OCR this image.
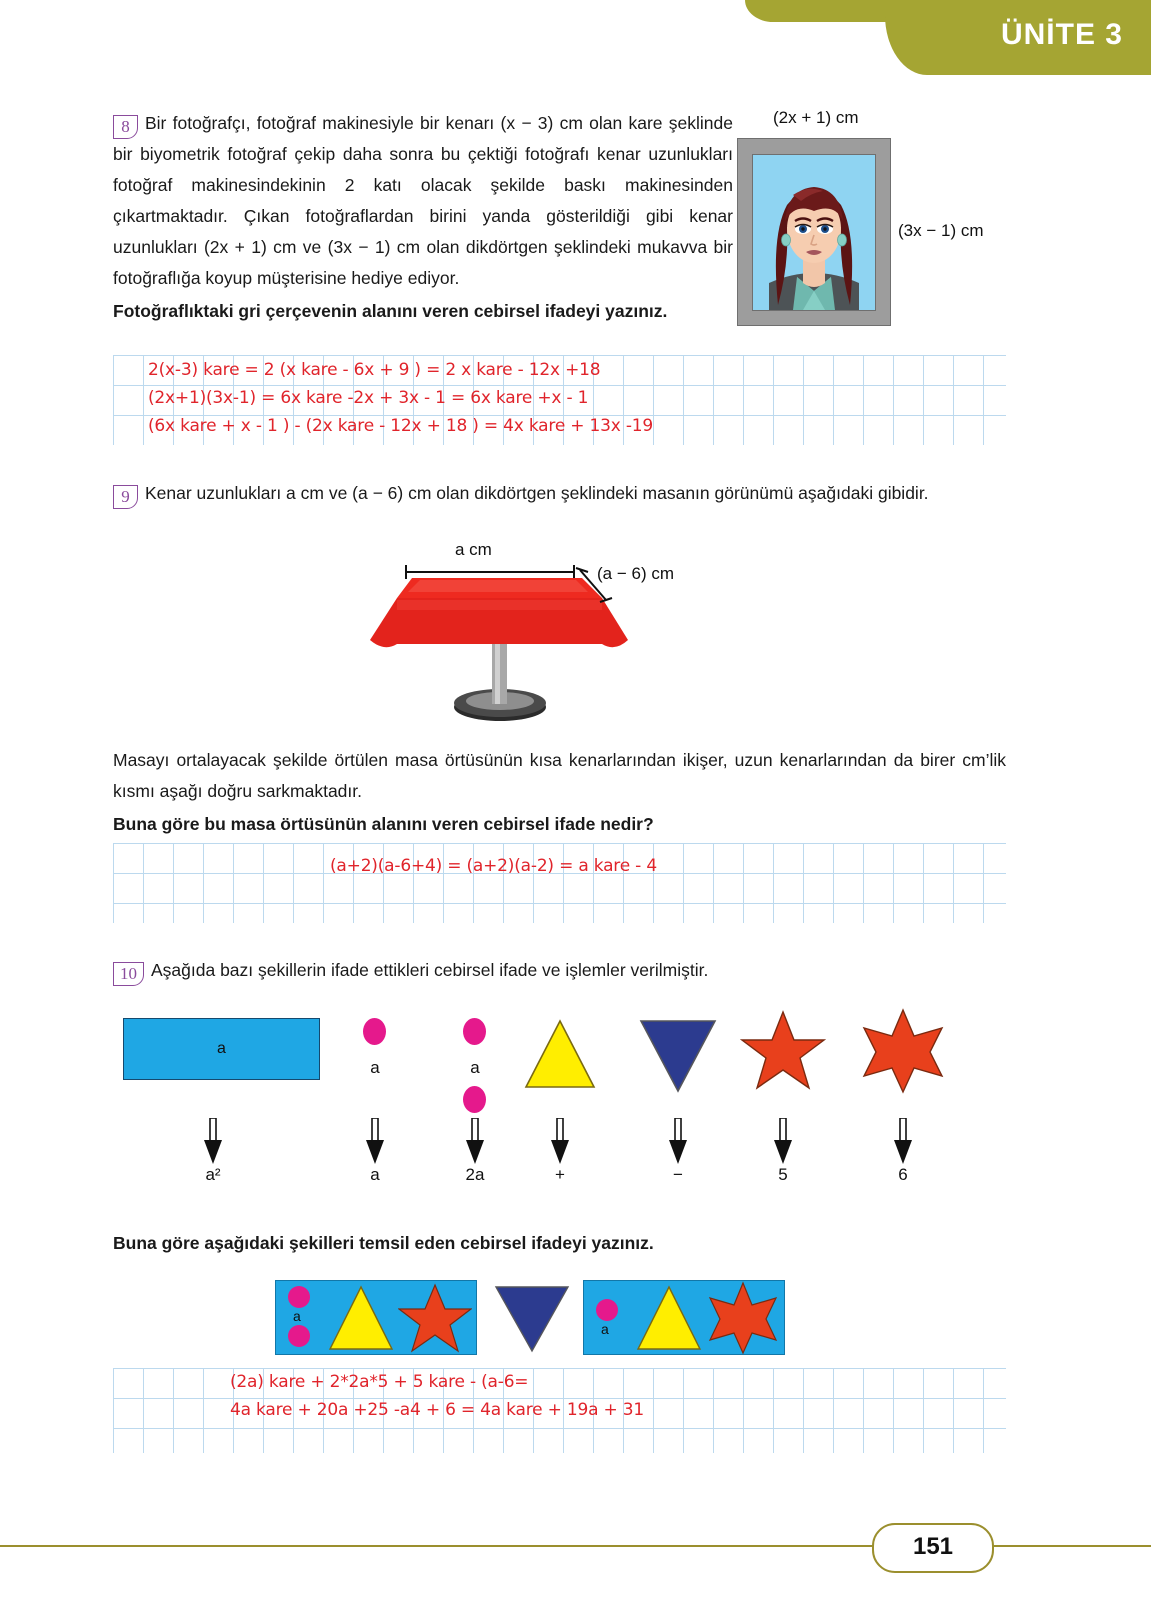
ÜNİTE 3
8 Bir fotoğrafçı, fotoğraf makinesiyle bir kenarı (x − 3) cm olan kare şeklinde bir biyometrik fotoğraf çekip daha sonra bu çektiği fotoğrafı kenar uzunlukları fotoğraf makinesindekinin 2 katı olacak şekilde baskı makinesinden çıkartmaktadır. Çıkan fotoğraflardan birini yanda gösterildiği gibi kenar uzunlukları (2x + 1) cm ve (3x − 1) cm olan dikdörtgen şeklindeki mukavva bir fotoğraflığa koyup müşterisine hediye ediyor.
Fotoğraflıktaki gri çerçevenin alanını veren cebirsel ifadeyi yazınız.
(2x + 1) cm
(3x − 1) cm
2(x-3) kare = 2 (x kare - 6x + 9 ) = 2 x kare - 12x +18
(2x+1)(3x-1) = 6x kare -2x + 3x - 1 = 6x kare +x - 1
(6x kare + x - 1 ) - (2x kare - 12x + 18 ) = 4x kare + 13x -19
9 Kenar uzunlukları a cm ve (a − 6) cm olan dikdörtgen şeklindeki masanın görünümü aşağıdaki gibidir.
a cm
(a − 6) cm
Masayı ortalayacak şekilde örtülen masa örtüsünün kısa kenarlarından ikişer, uzun kenarlarından da birer cm’lik kısmı aşağı doğru sarkmaktadır.
Buna göre bu masa örtüsünün alanını veren cebirsel ifade nedir?
(a+2)(a-6+4) = (a+2)(a-2) = a kare - 4
10 Aşağıda bazı şekillerin ifade ettikleri cebirsel ifade ve işlemler verilmiştir.
a
a	a
a²	a	2a	+	−	5	6
Buna göre aşağıdaki şekilleri temsil eden cebirsel ifadeyi yazınız.
a
a
(2a) kare + 2*2a*5 + 5 kare - (a-6=
4a kare + 20a +25 -a4 + 6 = 4a kare + 19a + 31
151
